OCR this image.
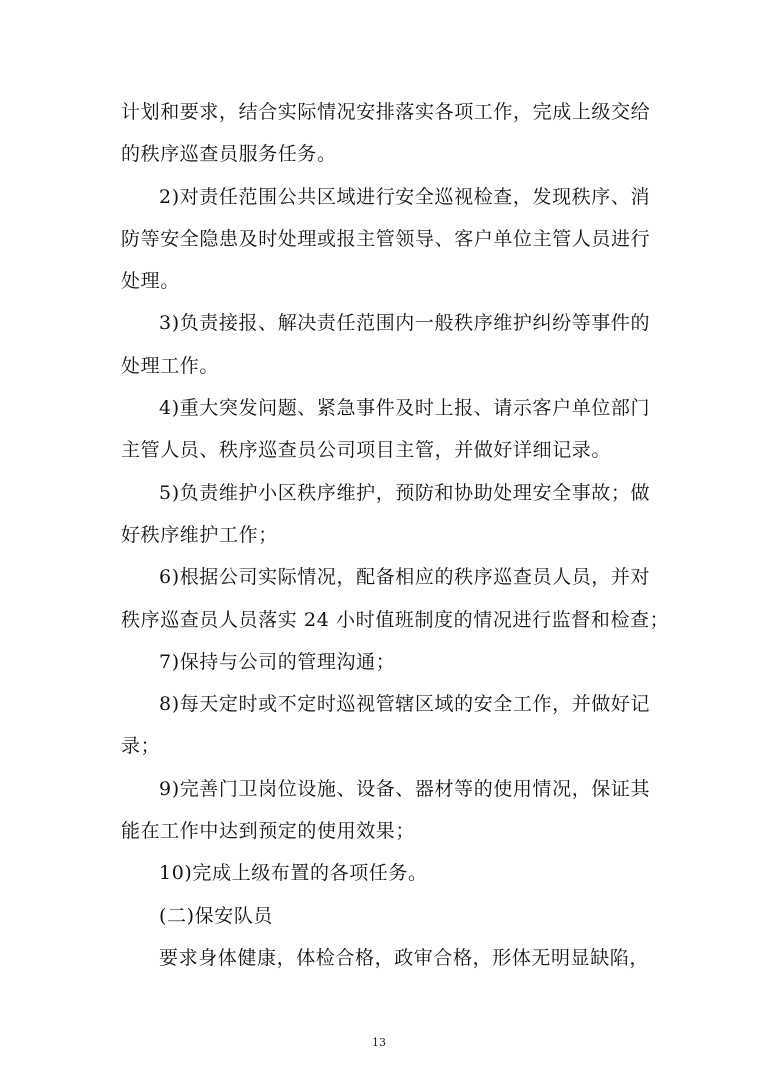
计划和要求，结合实际情况安排落实各项工作，完成上级交给
的秩序巡查员服务任务。
2)对责任范围公共区域进行安全巡视检查，发现秩序、消
防等安全隐患及时处理或报主管领导、客户单位主管人员进行
处理。
3)负责接报、解决责任范围内一般秩序维护纠纷等事件的
处理工作。
4)重大突发问题、紧急事件及时上报、请示客户单位部门
主管人员、秩序巡查员公司项目主管，并做好详细记录。
5)负责维护小区秩序维护，预防和协助处理安全事故；做
好秩序维护工作；
6)根据公司实际情况，配备相应的秩序巡查员人员，并对
秩序巡查员人员落实 24 小时值班制度的情况进行监督和检查；
7)保持与公司的管理沟通；
8)每天定时或不定时巡视管辖区域的安全工作，并做好记
录；
9)完善门卫岗位设施、设备、器材等的使用情况，保证其
能在工作中达到预定的使用效果；
10)完成上级布置的各项任务。
(二)保安队员
要求身体健康，体检合格，政审合格，形体无明显缺陷，
13
